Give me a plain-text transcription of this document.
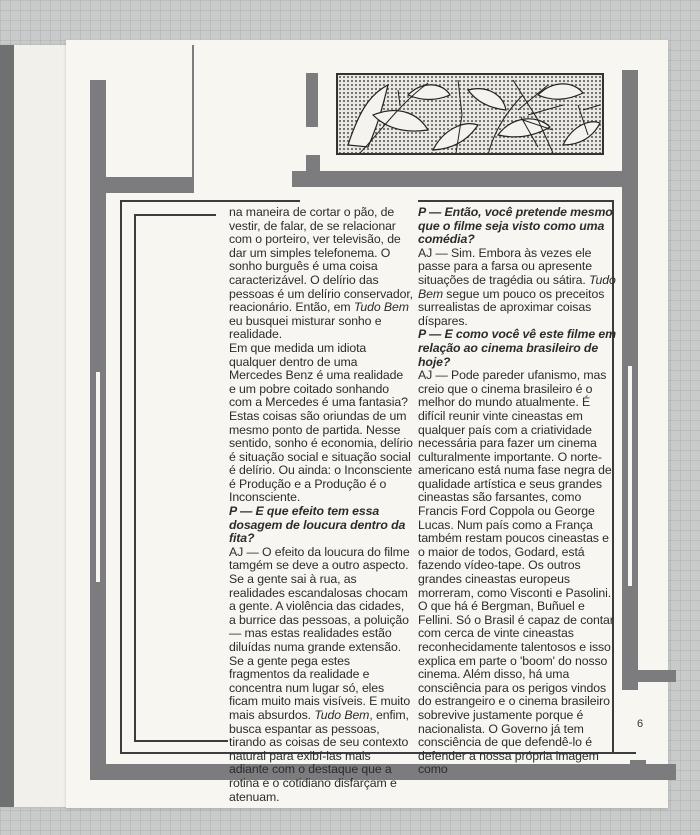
na maneira de cortar o pão, de vestir, de falar, de se relacionar com o porteiro, ver televisão, de dar um simples telefonema. O sonho burguês é uma coisa caracterizável. O delírio das pessoas é um delírio conservador, reacionário. Então, em Tudo Bem eu busquei misturar sonho e realidade.

Em que medida um idiota qualquer dentro de uma Mercedes Benz é uma realidade e um pobre coitado sonhando com a Mercedes é uma fantasia? Estas coisas são oriundas de um mesmo ponto de partida. Nesse sentido, sonho é economia, delírio é situação social e situação social é delírio. Ou ainda: o Inconsciente é Produção e a Produção é o Inconsciente.

P — E que efeito tem essa dosagem de loucura dentro da fita?

AJ — O efeito da loucura do filme tamgém se deve a outro aspecto. Se a gente sai à rua, as realidades escandalosas chocam a gente. A violência das cidades, a burrice das pessoas, a poluição — mas estas realidades estão diluídas numa grande extensão. Se a gente pega estes fragmentos da realidade e concentra num lugar só, eles ficam muito mais visíveis. E muito mais absurdos. Tudo Bem, enfim, busca espantar as pessoas, tirando as coisas de seu contexto natural para exibí-las mais adiante com o destaque que a rotina e o cotidiano disfarçam e atenuam.

P — Então, você pretende mesmo que o filme seja visto como uma comédia?

AJ — Sim. Embora às vezes ele passe para a farsa ou apresente situações de tragédia ou sátira. Tudo Bem segue um pouco os preceitos surrealistas de aproximar coisas díspares.

P — E como você vê este filme em relação ao cinema brasileiro de hoje?

AJ — Pode pareder ufanismo, mas creio que o cinema brasileiro é o melhor do mundo atualmente. É difícil reunir vinte cineastas em qualquer país com a criatividade necessária para fazer um cinema culturalmente importante. O norte-americano está numa fase negra de qualidade artística e seus grandes cineastas são farsantes, como Francis Ford Coppola ou George Lucas. Num país como a França também restam poucos cineastas e o maior de todos, Godard, está fazendo vídeo-tape. Os outros grandes cineastas europeus morreram, como Visconti e Pasolini. O que há é Bergman, Buñuel e Fellini. Só o Brasil é capaz de contar com cerca de vinte cineastas reconhecidamente talentosos e isso explica em parte o 'boom' do nosso cinema. Além disso, há uma consciência para os perigos vindos do estrangeiro e o cinema brasileiro sobrevive justamente porque é nacionalista. O Governo já tem consciência de que defendê-lo é defender a nossa própria imagem como

6
